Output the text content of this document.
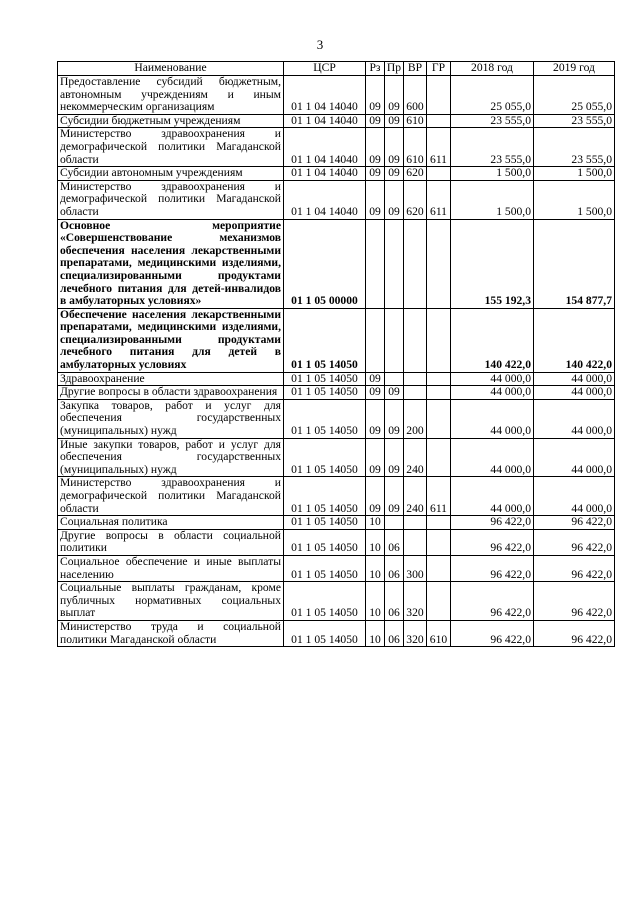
3
Наименование	ЦСР	Рз	Пр	ВР	ГР	2018 год	2019 год
Предоставление субсидий бюджетным, автономным учреждениям и иным некоммерческим организациям	01 1 04 14040	09	09	600		25 055,0	25 055,0
Субсидии бюджетным учреждениям	01 1 04 14040	09	09	610		23 555,0	23 555,0
Министерство здравоохранения и демографической политики Магаданской области	01 1 04 14040	09	09	610	611	23 555,0	23 555,0
Субсидии автономным учреждениям	01 1 04 14040	09	09	620		1 500,0	1 500,0
Министерство здравоохранения и демографической политики Магаданской области	01 1 04 14040	09	09	620	611	1 500,0	1 500,0
Основное мероприятие «Совершенствование механизмов обеспечения населения лекарственными препаратами, медицинскими изделиями, специализированными продуктами лечебного питания для детей-инвалидов в амбулаторных условиях»	01 1 05 00000					155 192,3	154 877,7
Обеспечение населения лекарственными препаратами, медицинскими изделиями, специализированными продуктами лечебного питания для детей в амбулаторных условиях	01 1 05 14050					140 422,0	140 422,0
Здравоохранение	01 1 05 14050	09				44 000,0	44 000,0
Другие вопросы в области здравоохранения	01 1 05 14050	09	09			44 000,0	44 000,0
Закупка товаров, работ и услуг для обеспечения государственных (муниципальных) нужд	01 1 05 14050	09	09	200		44 000,0	44 000,0
Иные закупки товаров, работ и услуг для обеспечения государственных (муниципальных) нужд	01 1 05 14050	09	09	240		44 000,0	44 000,0
Министерство здравоохранения и демографической политики Магаданской области	01 1 05 14050	09	09	240	611	44 000,0	44 000,0
Социальная политика	01 1 05 14050	10				96 422,0	96 422,0
Другие вопросы в области социальной политики	01 1 05 14050	10	06			96 422,0	96 422,0
Социальное обеспечение и иные выплаты населению	01 1 05 14050	10	06	300		96 422,0	96 422,0
Социальные выплаты гражданам, кроме публичных нормативных социальных выплат	01 1 05 14050	10	06	320		96 422,0	96 422,0
Министерство труда и социальной политики Магаданской области	01 1 05 14050	10	06	320	610	96 422,0	96 422,0
